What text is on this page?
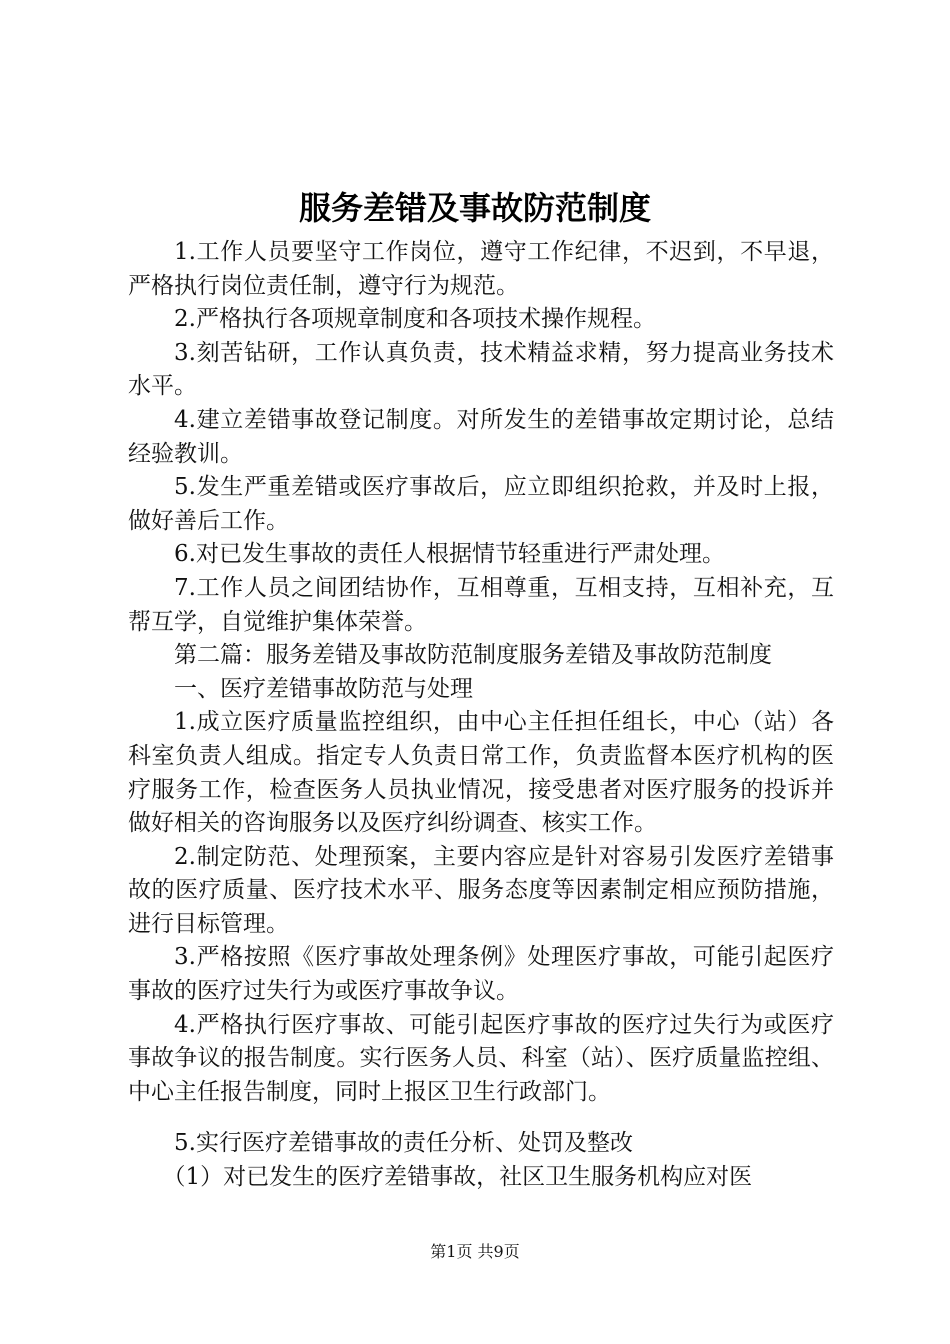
服务差错及事故防范制度

1.工作人员要坚守工作岗位，遵守工作纪律，不迟到，不早退，严格执行岗位责任制，遵守行为规范。

2.严格执行各项规章制度和各项技术操作规程。

3.刻苦钻研，工作认真负责，技术精益求精，努力提高业务技术水平。

4.建立差错事故登记制度。对所发生的差错事故定期讨论，总结经验教训。

5.发生严重差错或医疗事故后，应立即组织抢救，并及时上报，做好善后工作。

6.对已发生事故的责任人根据情节轻重进行严肃处理。

7.工作人员之间团结协作，互相尊重，互相支持，互相补充，互帮互学，自觉维护集体荣誉。

第二篇：服务差错及事故防范制度服务差错及事故防范制度

一、医疗差错事故防范与处理

1.成立医疗质量监控组织，由中心主任担任组长，中心（站）各科室负责人组成。指定专人负责日常工作，负责监督本医疗机构的医疗服务工作，检查医务人员执业情况，接受患者对医疗服务的投诉并做好相关的咨询服务以及医疗纠纷调查、核实工作。

2.制定防范、处理预案，主要内容应是针对容易引发医疗差错事故的医疗质量、医疗技术水平、服务态度等因素制定相应预防措施，进行目标管理。

3.严格按照《医疗事故处理条例》处理医疗事故，可能引起医疗事故的医疗过失行为或医疗事故争议。

4.严格执行医疗事故、可能引起医疗事故的医疗过失行为或医疗事故争议的报告制度。实行医务人员、科室（站）、医疗质量监控组、中心主任报告制度，同时上报区卫生行政部门。

5.实行医疗差错事故的责任分析、处罚及整改

（1）对已发生的医疗差错事故，社区卫生服务机构应对医

第1页 共9页
